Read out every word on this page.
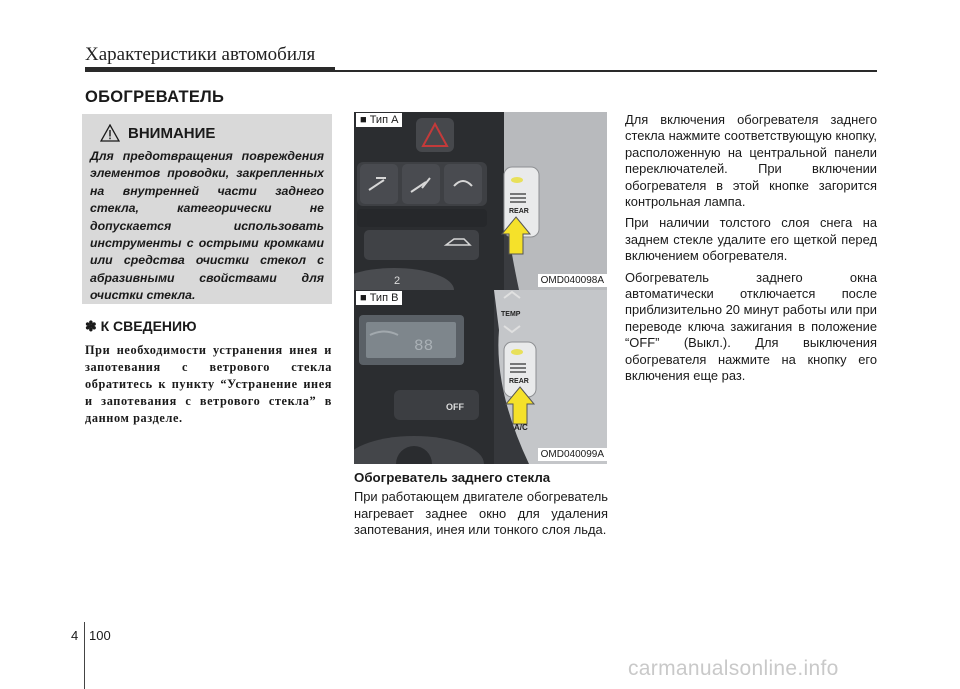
Характеристики автомобиля
ОБОГРЕВАТЕЛЬ
ВНИМАНИЕ
Для предотвращения повреждения элементов проводки, закрепленных на внутренней части заднего стекла, категорически не допускается использовать инструменты с острыми кромками или средства очистки стекол с абразивными свойствами для очистки стекла.
✽ К СВЕДЕНИЮ
При необходимости устранения инея и запотевания с ветрового стекла обратитесь к пункту “Устранение инея и запотевания с ветрового стекла” в данном разделе.
2
REAR
■ Тип A
OMD040098A
88
OFF
TEMP
REAR
A/C
■ Тип B
OMD040099A
Обогреватель заднего стекла
При работающем двигателе обогреватель нагревает заднее окно для удаления запотевания, инея или тонкого слоя льда.

Для включения обогревателя заднего стекла нажмите соответствующую кнопку, расположенную на центральной панели переключателей. При включении обогревателя в этой кнопке загорится контрольная лампа.

При наличии толстого слоя снега на заднем стекле удалите его щеткой перед включением обогревателя.

Обогреватель заднего окна автоматически отключается после приблизительно 20 минут работы или при переводе ключа зажигания в положение “OFF” (Выкл.). Для выключения обогревателя нажмите на кнопку его включения еще раз.

4 100
carmanualsonline.info
